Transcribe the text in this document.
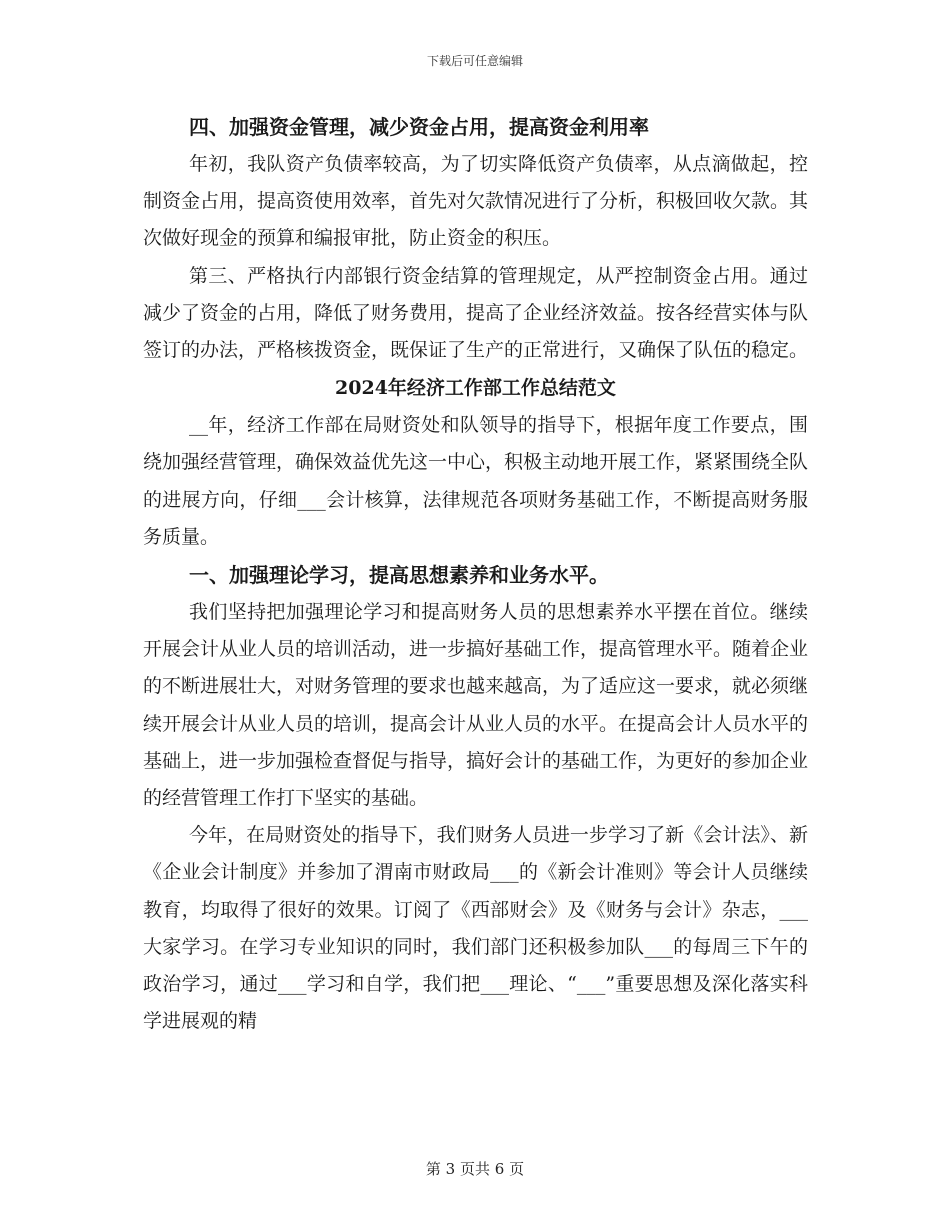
下载后可任意编辑

四、加强资金管理，减少资金占用，提高资金利用率

年初，我队资产负债率较高，为了切实降低资产负债率，从点滴做起，控制资金占用，提高资使用效率，首先对欠款情况进行了分析，积极回收欠款。其次做好现金的预算和编报审批，防止资金的积压。

第三、严格执行内部银行资金结算的管理规定，从严控制资金占用。通过减少了资金的占用，降低了财务费用，提高了企业经济效益。按各经营实体与队签订的办法，严格核拨资金，既保证了生产的正常进行，又确保了队伍的稳定。

2024年经济工作部工作总结范文

__年，经济工作部在局财资处和队领导的指导下，根据年度工作要点，围绕加强经营管理，确保效益优先这一中心，积极主动地开展工作，紧紧围绕全队的进展方向，仔细___会计核算，法律规范各项财务基础工作，不断提高财务服务质量。

一、加强理论学习，提高思想素养和业务水平。

我们坚持把加强理论学习和提高财务人员的思想素养水平摆在首位。继续开展会计从业人员的培训活动，进一步搞好基础工作，提高管理水平。随着企业的不断进展壮大，对财务管理的要求也越来越高，为了适应这一要求，就必须继续开展会计从业人员的培训，提高会计从业人员的水平。在提高会计人员水平的基础上，进一步加强检查督促与指导，搞好会计的基础工作，为更好的参加企业的经营管理工作打下坚实的基础。

今年，在局财资处的指导下，我们财务人员进一步学习了新《会计法》、新《企业会计制度》并参加了渭南市财政局___的《新会计准则》等会计人员继续教育，均取得了很好的效果。订阅了《西部财会》及《财务与会计》杂志，___大家学习。在学习专业知识的同时，我们部门还积极参加队___的每周三下午的政治学习，通过___学习和自学，我们把___理论、“___”重要思想及深化落实科学进展观的精

第 3 页共 6 页
